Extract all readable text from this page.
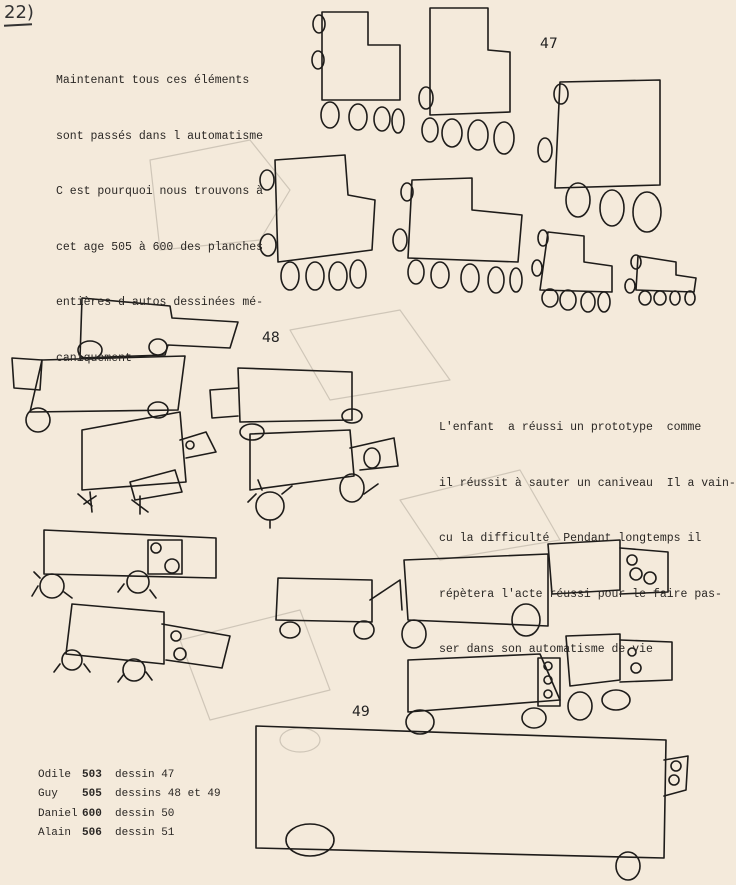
22)

Maintenant tous ces éléments

sont passés dans l automatisme

C est pourquoi nous trouvons à

cet age 505 à 600 des planches

entières d autos dessinées mé-

caniquement

L'enfant  a réussi un prototype  comme

il réussit à sauter un caniveau  Il a vain-

cu la difficulté  Pendant longtemps il

répètera l'acte réussi pour le faire pas-

ser dans son automatisme de vie

47
48
49
Odile 503	dessin 47
Guy	505	dessins 48 et 49
Daniel 600	dessin 50
Alain 506	dessin 51
